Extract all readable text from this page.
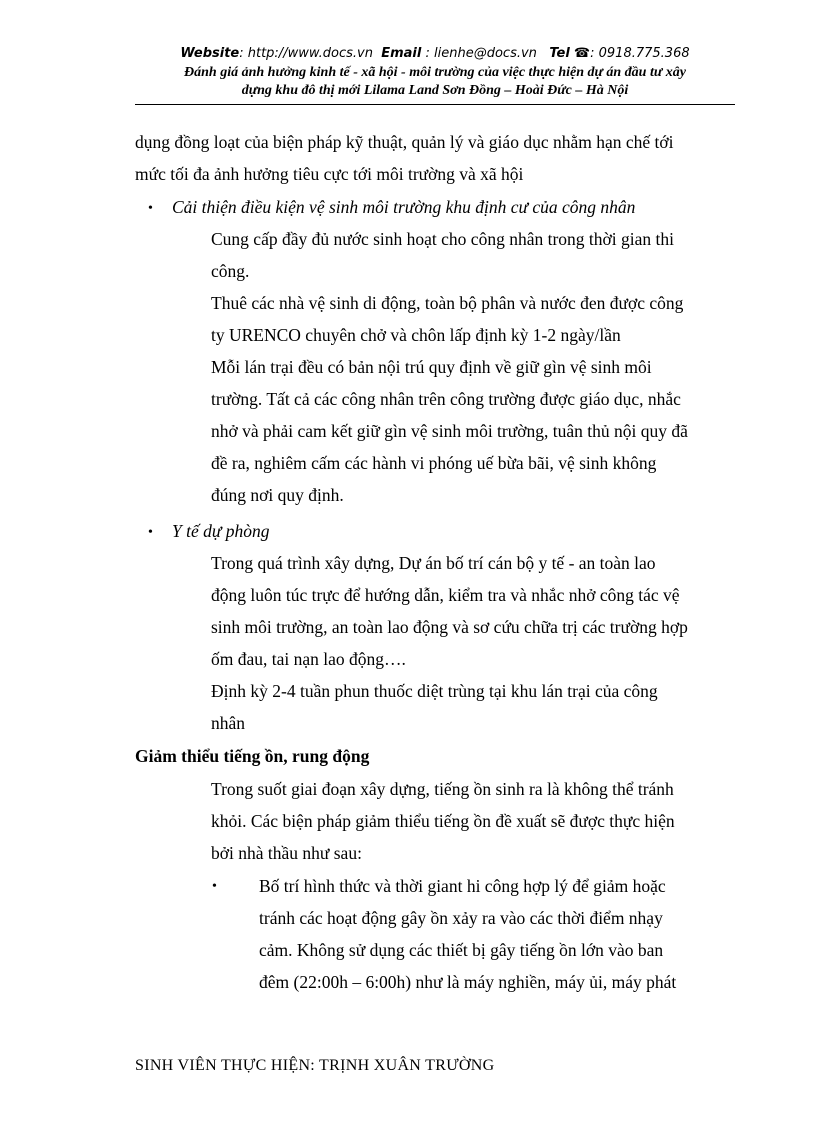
Website: http://www.docs.vn Email : lienhe@docs.vn Tel ☎: 0918.775.368
Đánh giá ảnh hưởng kinh tế - xã hội - môi trường của việc thực hiện dự án đầu tư xây
dựng khu đô thị mới Lilama Land Sơn Đồng – Hoài Đức – Hà Nội
dụng đồng loạt của biện pháp kỹ thuật, quản lý và giáo dục nhằm hạn chế tới
mức tối đa ảnh hưởng tiêu cực tới môi trường và xã hội
• Cải thiện điều kiện vệ sinh môi trường khu định cư của công nhân
Cung cấp đầy đủ nước sinh hoạt cho công nhân trong thời gian thi
công.
Thuê các nhà vệ sinh di động, toàn bộ phân và nước đen được công
ty URENCO chuyên chở và chôn lấp định kỳ 1-2 ngày/lần
Mỗi lán trại đều có bản nội trú quy định về giữ gìn vệ sinh môi
trường. Tất cả các công nhân trên công trường được giáo dục, nhắc
nhở và phải cam kết giữ gìn vệ sinh môi trường, tuân thủ nội quy đã
đề ra, nghiêm cấm các hành vi phóng uế bừa bãi, vệ sinh không
đúng nơi quy định.
• Y tế dự phòng
Trong quá trình xây dựng, Dự án bố trí cán bộ y tế - an toàn lao
động luôn túc trực để hướng dẫn, kiểm tra và nhắc nhở công tác vệ
sinh môi trường, an toàn lao động và sơ cứu chữa trị các trường hợp
ốm đau, tai nạn lao động….
Định kỳ 2-4 tuần phun thuốc diệt trùng tại khu lán trại của công
nhân
Giảm thiểu tiếng ồn, rung động
Trong suốt giai đoạn xây dựng, tiếng ồn sinh ra là không thể tránh
khỏi. Các biện pháp giảm thiểu tiếng ồn đề xuất sẽ được thực hiện
bởi nhà thầu như sau:
• Bố trí hình thức và thời giant hi công hợp lý để giảm hoặc
tránh các hoạt động gây ồn xảy ra vào các thời điểm nhạy
cảm. Không sử dụng các thiết bị gây tiếng ồn lớn vào ban
đêm (22:00h – 6:00h) như là máy nghiền, máy ủi, máy phát
SINH VIÊN THỰC HIỆN: TRỊNH XUÂN TRƯỜNG
